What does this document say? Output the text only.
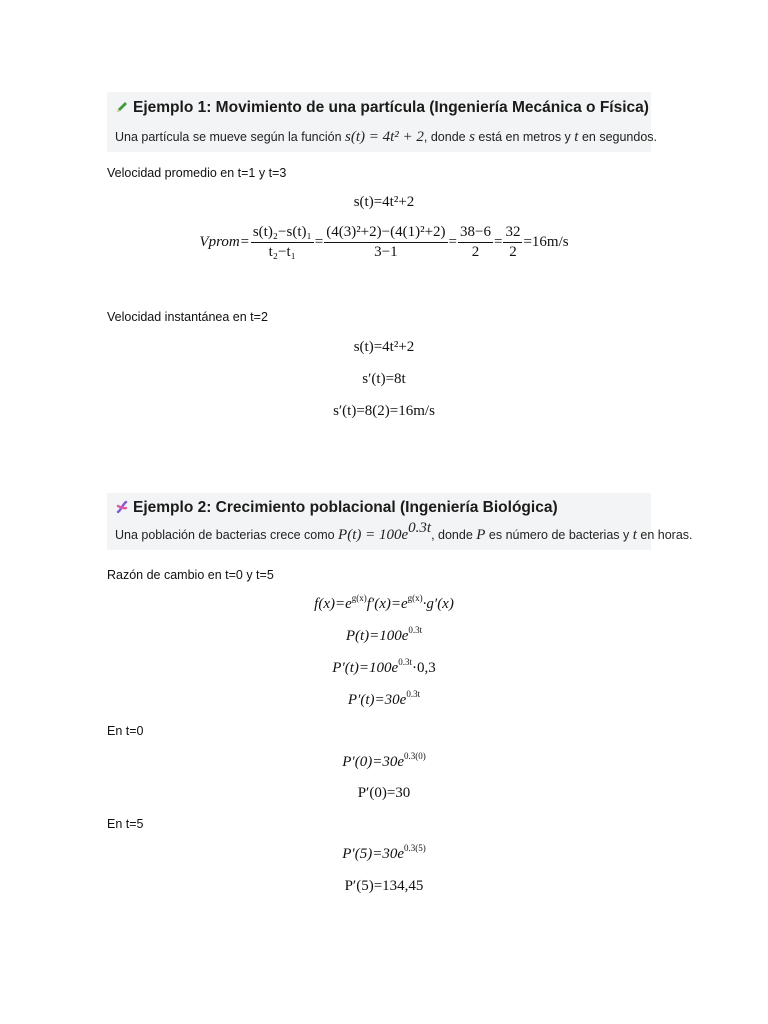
Ejemplo 1: Movimiento de una partícula (Ingeniería Mecánica o Física)
Una partícula se mueve según la función s(t) = 4t² + 2, donde s está en metros y t en segundos.
Velocidad promedio en t=1 y t=3
s(t)=4t²+2
Vprom= $\frac{\text{s(t)₂−s(t)₁}}{\text{t₂−t₁}} = \frac{\text{(4(3)²+2)−(4(1)²+2)}}{3-1} = \frac{38-6}{2} = \frac{32}{2} =16m/s$
Velocidad instantánea en t=2
s(t)=4t²+2
s′(t)=8t
s′(t)=8(2)=16m/s
Ejemplo 2: Crecimiento poblacional (Ingeniería Biológica)
Una población de bacterias crece como $P(t) = 100e^{0.3t}$, donde P es número de bacterias y t en horas.
Razón de cambio en t=0 y t=5
$f(x)=e^{g(x)}f'(x)=e^{g(x)}\cdot g'(x)$
$P(t)=100e^{0.3t}$
$P'(t)=100e^{0.3t}\cdot 0,3$
$P'(t)=30e^{0.3t}$
En t=0
$P'(0)=30e^{0.3(0)}$
P′(0)=30
En t=5
$P'(5)=30e^{0.3(5)}$
P′(5)=134,45
